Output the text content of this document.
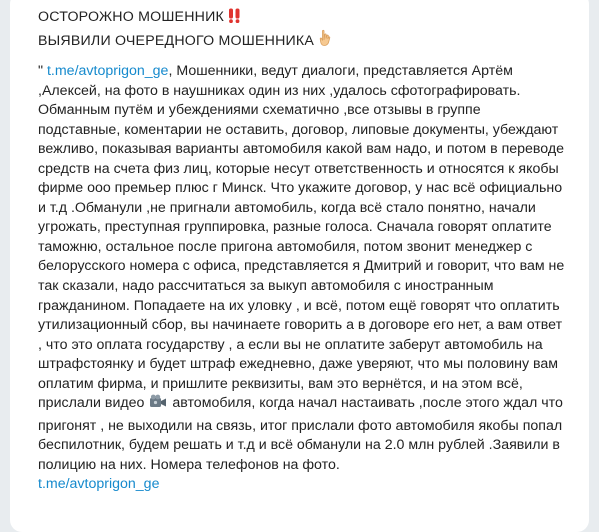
ОСТОРОЖНО МОШЕННИК
ВЫЯВИЛИ ОЧЕРЕДНОГО МОШЕННИКА
" t.me/avtoprigon_ge, Мошенники, ведут диалоги, представляется Артём ,Алексей, на фото в наушниках один из них ,удалось сфотографировать. Обманным путём и убеждениями схематично ,все отзывы в группе подставные, коментарии не оставить, договор, липовые документы, убеждают вежливо, показывая варианты автомобиля какой вам надо, и потом в переводе средств на счета физ лиц, которые несут ответственность и относятся к якобы фирме ооо премьер плюс г Минск. Что укажите договор, у нас всё официально и т.д .Обманули ,не пригнали автомобиль, когда всё стало понятно, начали угрожать, преступная группировка, разные голоса. Сначала говорят оплатите таможню, остальное после пригона автомобиля, потом звонит менеджер с белорусского номера с офиса, представляется я Дмитрий и говорит, что вам не так сказали, надо рассчитаться за выкуп автомобиля с иностранным гражданином. Попадаете на их уловку , и всё, потом ещё говорят что оплатить утилизационный сбор, вы начинаете говорить а в договоре его нет, а вам ответ , что это оплата государству , а если вы не оплатите заберут автомобиль на штрафстоянку и будет штраф ежедневно, даже уверяют, что мы половину вам оплатим фирма, и пришлите реквизиты, вам это вернётся, и на этом всё, прислали видео автомобиля, когда начал настаивать ,после этого ждал что пригонят , не выходили на связь, итог прислали фото автомобиля якобы попал беспилотник, будем решать и т.д и всё обманули на 2.0 млн рублей .Заявили в полицию на них. Номера телефонов на фото.
t.me/avtoprigon_ge
